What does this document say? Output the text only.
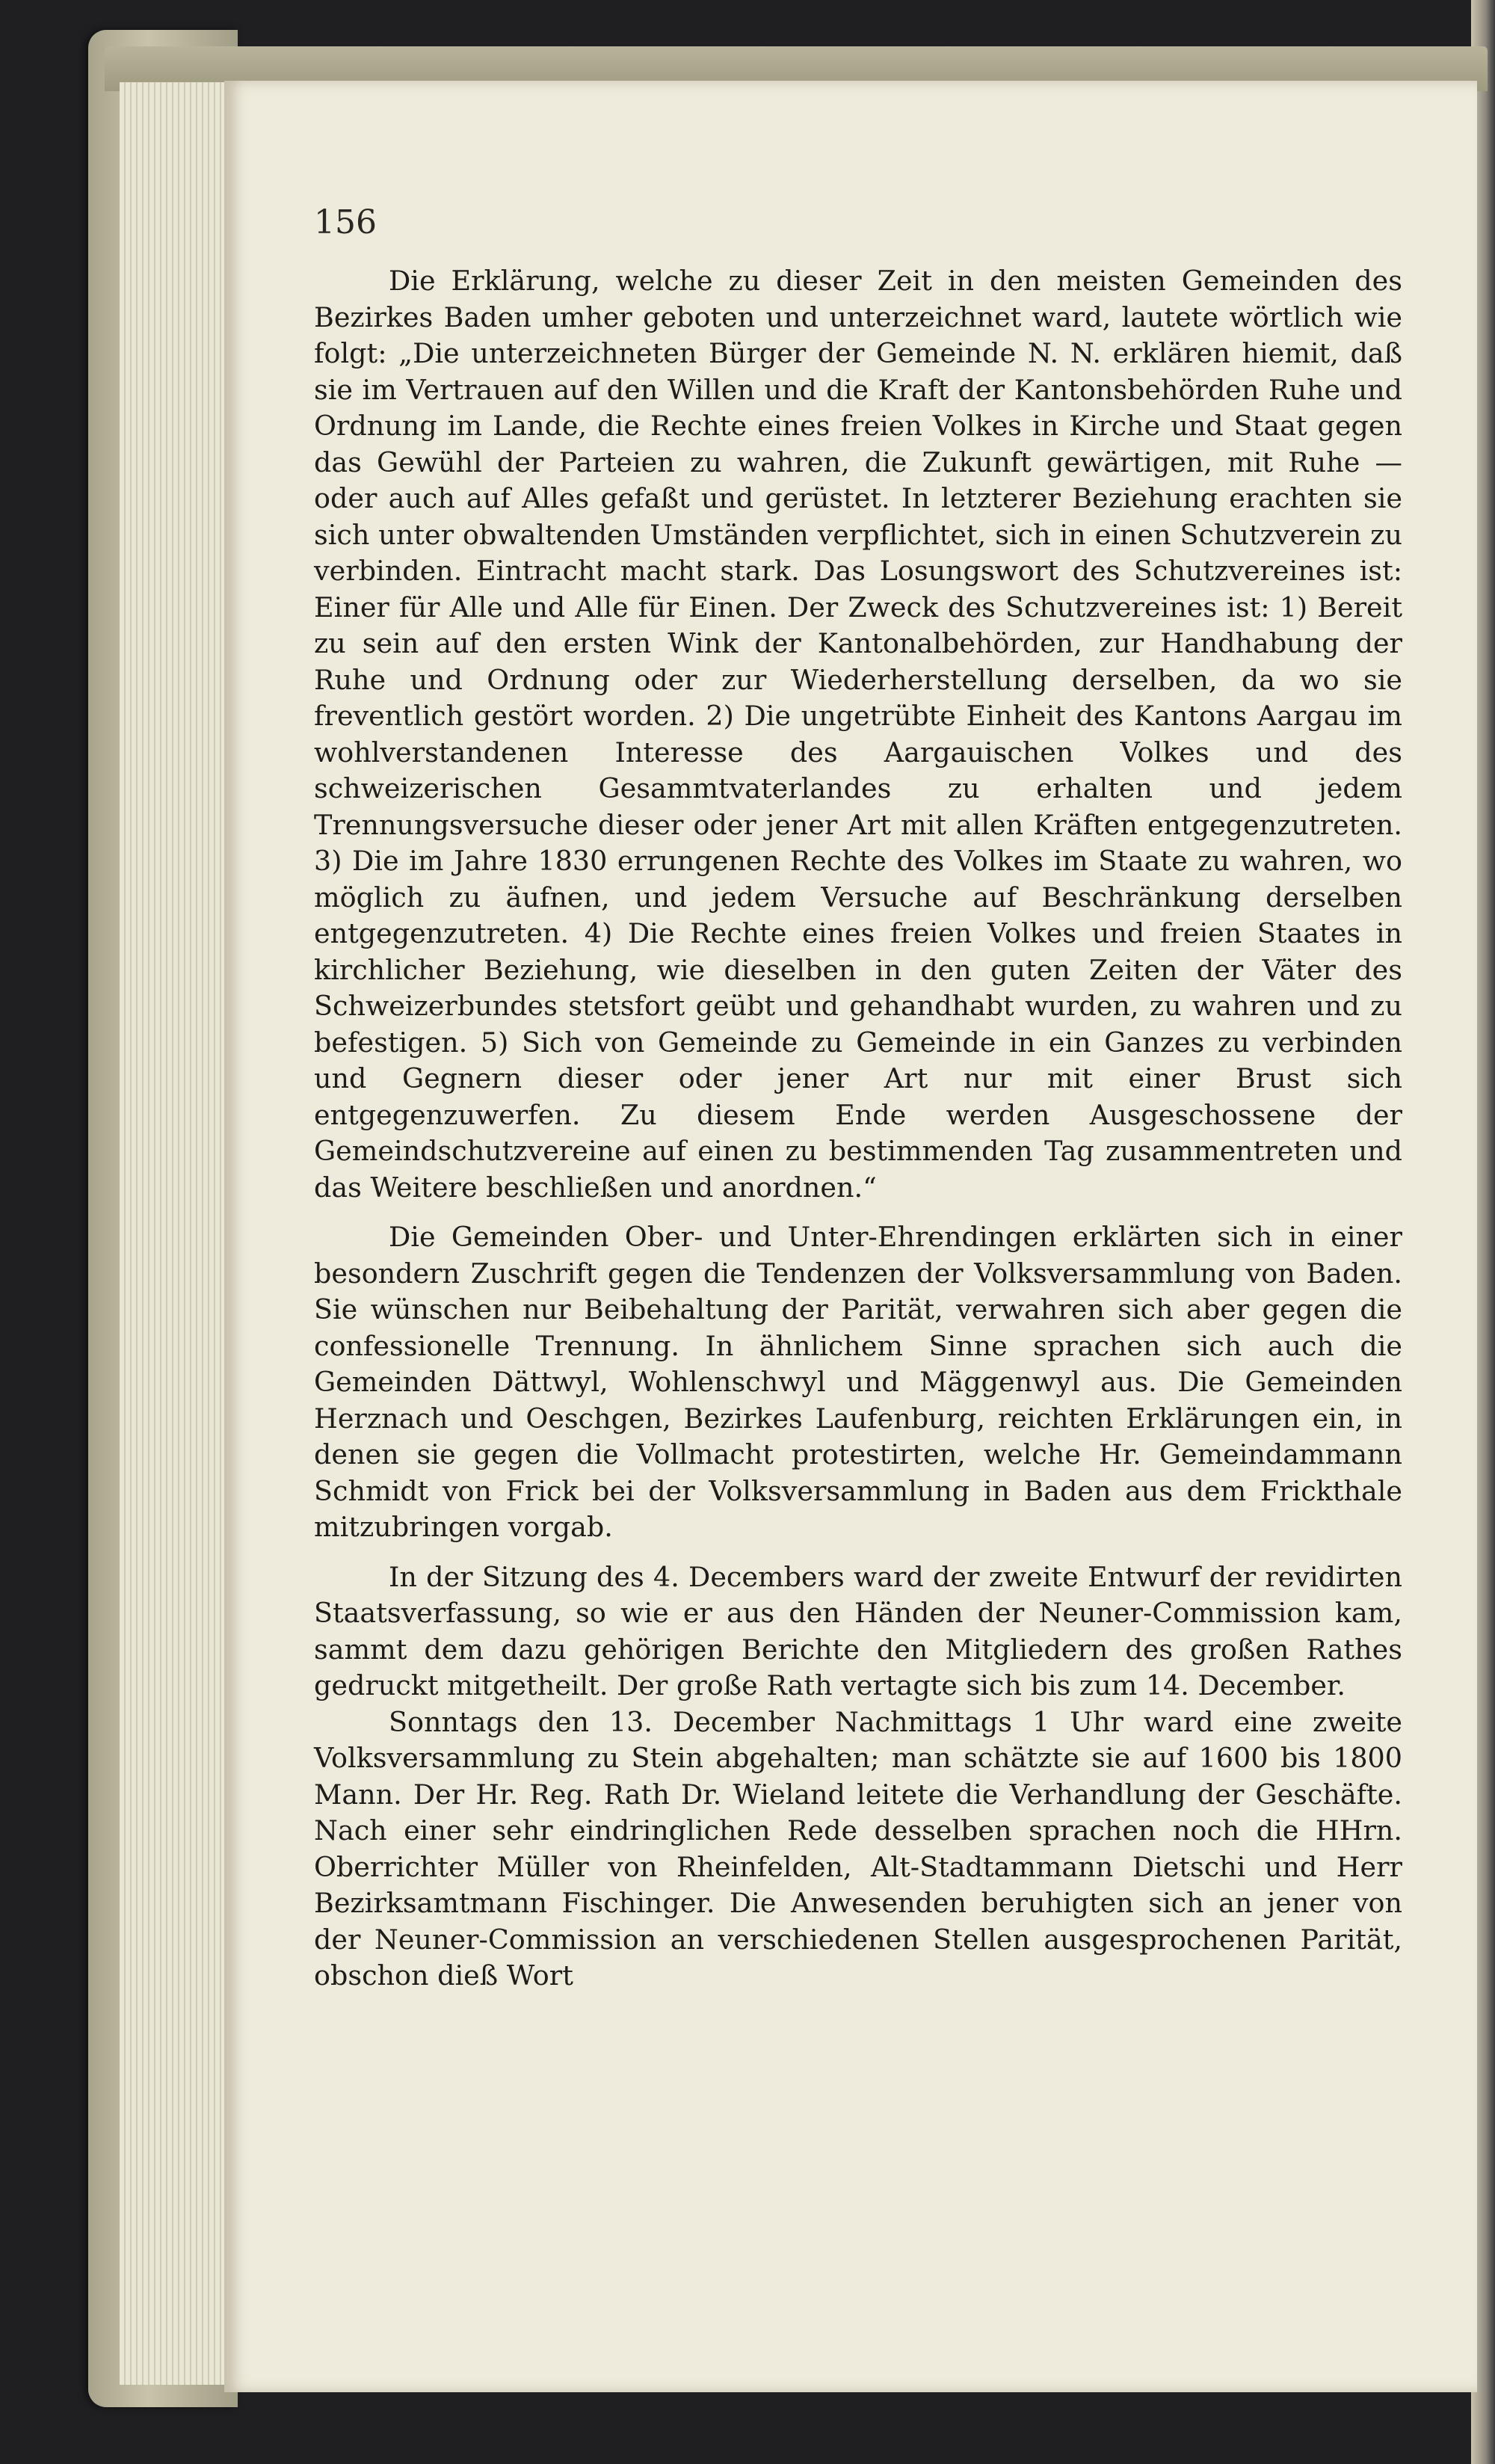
156

Die Erklärung, welche zu dieser Zeit in den meisten Gemeinden des Bezirkes Baden umher geboten und unterzeichnet ward, lautete wörtlich wie folgt: „Die unterzeichneten Bürger der Gemeinde N. N. erklären hiemit, daß sie im Vertrauen auf den Willen und die Kraft der Kantonsbehörden Ruhe und Ordnung im Lande, die Rechte eines freien Volkes in Kirche und Staat gegen das Gewühl der Parteien zu wahren, die Zukunft gewärtigen, mit Ruhe — oder auch auf Alles gefaßt und gerüstet. In letzterer Beziehung erachten sie sich unter obwaltenden Umständen verpflichtet, sich in einen Schutzverein zu verbinden. Eintracht macht stark. Das Losungswort des Schutzvereines ist: Einer für Alle und Alle für Einen. Der Zweck des Schutzvereines ist: 1) Bereit zu sein auf den ersten Wink der Kantonalbehörden, zur Handhabung der Ruhe und Ordnung oder zur Wiederherstellung derselben, da wo sie freventlich gestört worden. 2) Die ungetrübte Einheit des Kantons Aargau im wohlverstandenen Interesse des Aargauischen Volkes und des schweizerischen Gesammtvaterlandes zu erhalten und jedem Trennungsversuche dieser oder jener Art mit allen Kräften entgegenzutreten. 3) Die im Jahre 1830 errungenen Rechte des Volkes im Staate zu wahren, wo möglich zu äufnen, und jedem Versuche auf Beschränkung derselben entgegenzutreten. 4) Die Rechte eines freien Volkes und freien Staates in kirchlicher Beziehung, wie dieselben in den guten Zeiten der Väter des Schweizerbundes stetsfort geübt und gehandhabt wurden, zu wahren und zu befestigen. 5) Sich von Gemeinde zu Gemeinde in ein Ganzes zu verbinden und Gegnern dieser oder jener Art nur mit einer Brust sich entgegenzuwerfen. Zu diesem Ende werden Ausgeschossene der Gemeindschutzvereine auf einen zu bestimmenden Tag zusammentreten und das Weitere beschließen und anordnen.“

Die Gemeinden Ober- und Unter-Ehrendingen erklärten sich in einer besondern Zuschrift gegen die Tendenzen der Volksversammlung von Baden. Sie wünschen nur Beibehaltung der Parität, verwahren sich aber gegen die confessionelle Trennung. In ähnlichem Sinne sprachen sich auch die Gemeinden Dättwyl, Wohlenschwyl und Mäggenwyl aus. Die Gemeinden Herznach und Oeschgen, Bezirkes Laufenburg, reichten Erklärungen ein, in denen sie gegen die Vollmacht protestirten, welche Hr. Gemeindammann Schmidt von Frick bei der Volksversammlung in Baden aus dem Frickthale mitzubringen vorgab.

In der Sitzung des 4. Decembers ward der zweite Entwurf der revidirten Staatsverfassung, so wie er aus den Händen der Neuner-Commission kam, sammt dem dazu gehörigen Berichte den Mitgliedern des großen Rathes gedruckt mitgetheilt. Der große Rath vertagte sich bis zum 14. December.

Sonntags den 13. December Nachmittags 1 Uhr ward eine zweite Volksversammlung zu Stein abgehalten; man schätzte sie auf 1600 bis 1800 Mann. Der Hr. Reg. Rath Dr. Wieland leitete die Verhandlung der Geschäfte. Nach einer sehr eindringlichen Rede desselben sprachen noch die HHrn. Oberrichter Müller von Rheinfelden, Alt-Stadtammann Dietschi und Herr Bezirksamtmann Fischinger. Die Anwesenden beruhigten sich an jener von der Neuner-Commission an verschiedenen Stellen ausgesprochenen Parität, obschon dieß Wort
